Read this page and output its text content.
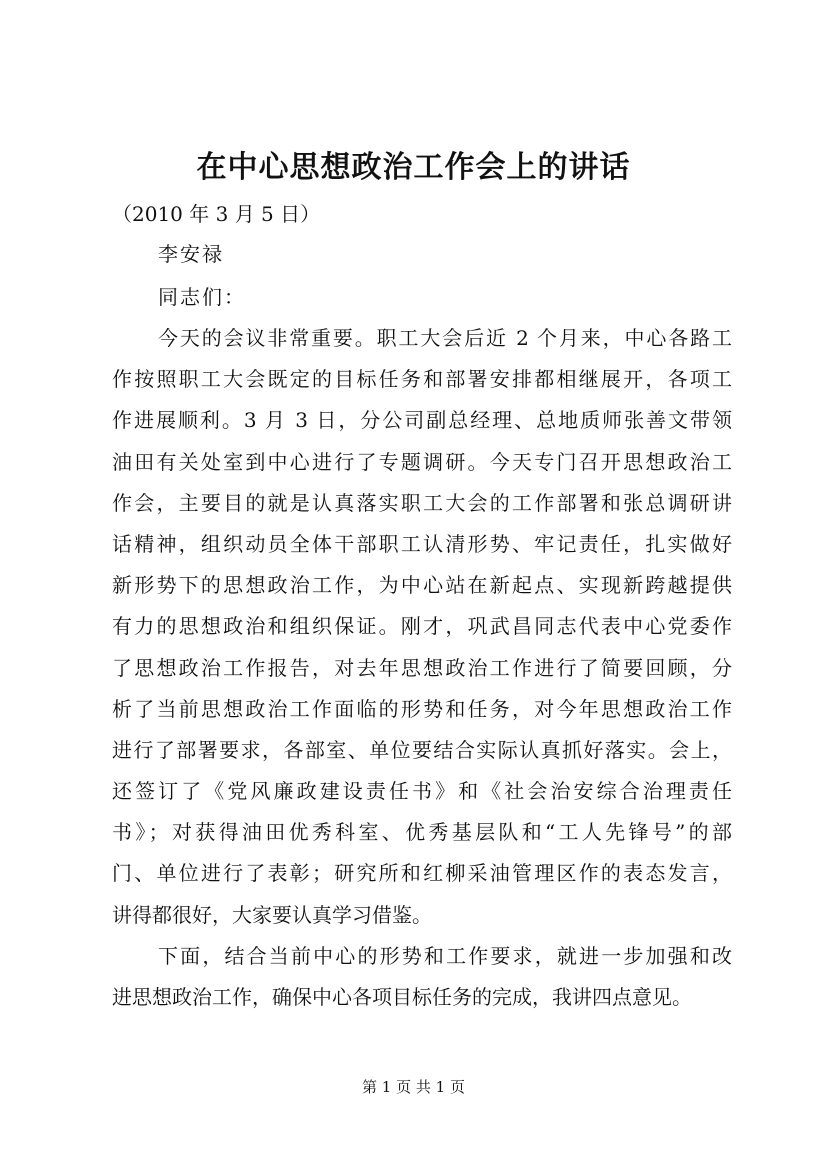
在中心思想政治工作会上的讲话
（2010 年 3 月 5 日）
李安禄
同志们：
今天的会议非常重要。职工大会后近 2 个月来，中心各路工
作按照职工大会既定的目标任务和部署安排都相继展开，各项工
作进展顺利。3 月 3 日，分公司副总经理、总地质师张善文带领
油田有关处室到中心进行了专题调研。今天专门召开思想政治工
作会，主要目的就是认真落实职工大会的工作部署和张总调研讲
话精神，组织动员全体干部职工认清形势、牢记责任，扎实做好
新形势下的思想政治工作，为中心站在新起点、实现新跨越提供
有力的思想政治和组织保证。刚才，巩武昌同志代表中心党委作
了思想政治工作报告，对去年思想政治工作进行了简要回顾，分
析了当前思想政治工作面临的形势和任务，对今年思想政治工作
进行了部署要求，各部室、单位要结合实际认真抓好落实。会上，
还签订了《党风廉政建设责任书》和《社会治安综合治理责任
书》；对获得油田优秀科室、优秀基层队和“工人先锋号”的部
门、单位进行了表彰；研究所和红柳采油管理区作的表态发言，
讲得都很好，大家要认真学习借鉴。
下面，结合当前中心的形势和工作要求，就进一步加强和改
进思想政治工作，确保中心各项目标任务的完成，我讲四点意见。
第 1 页 共 1 页
